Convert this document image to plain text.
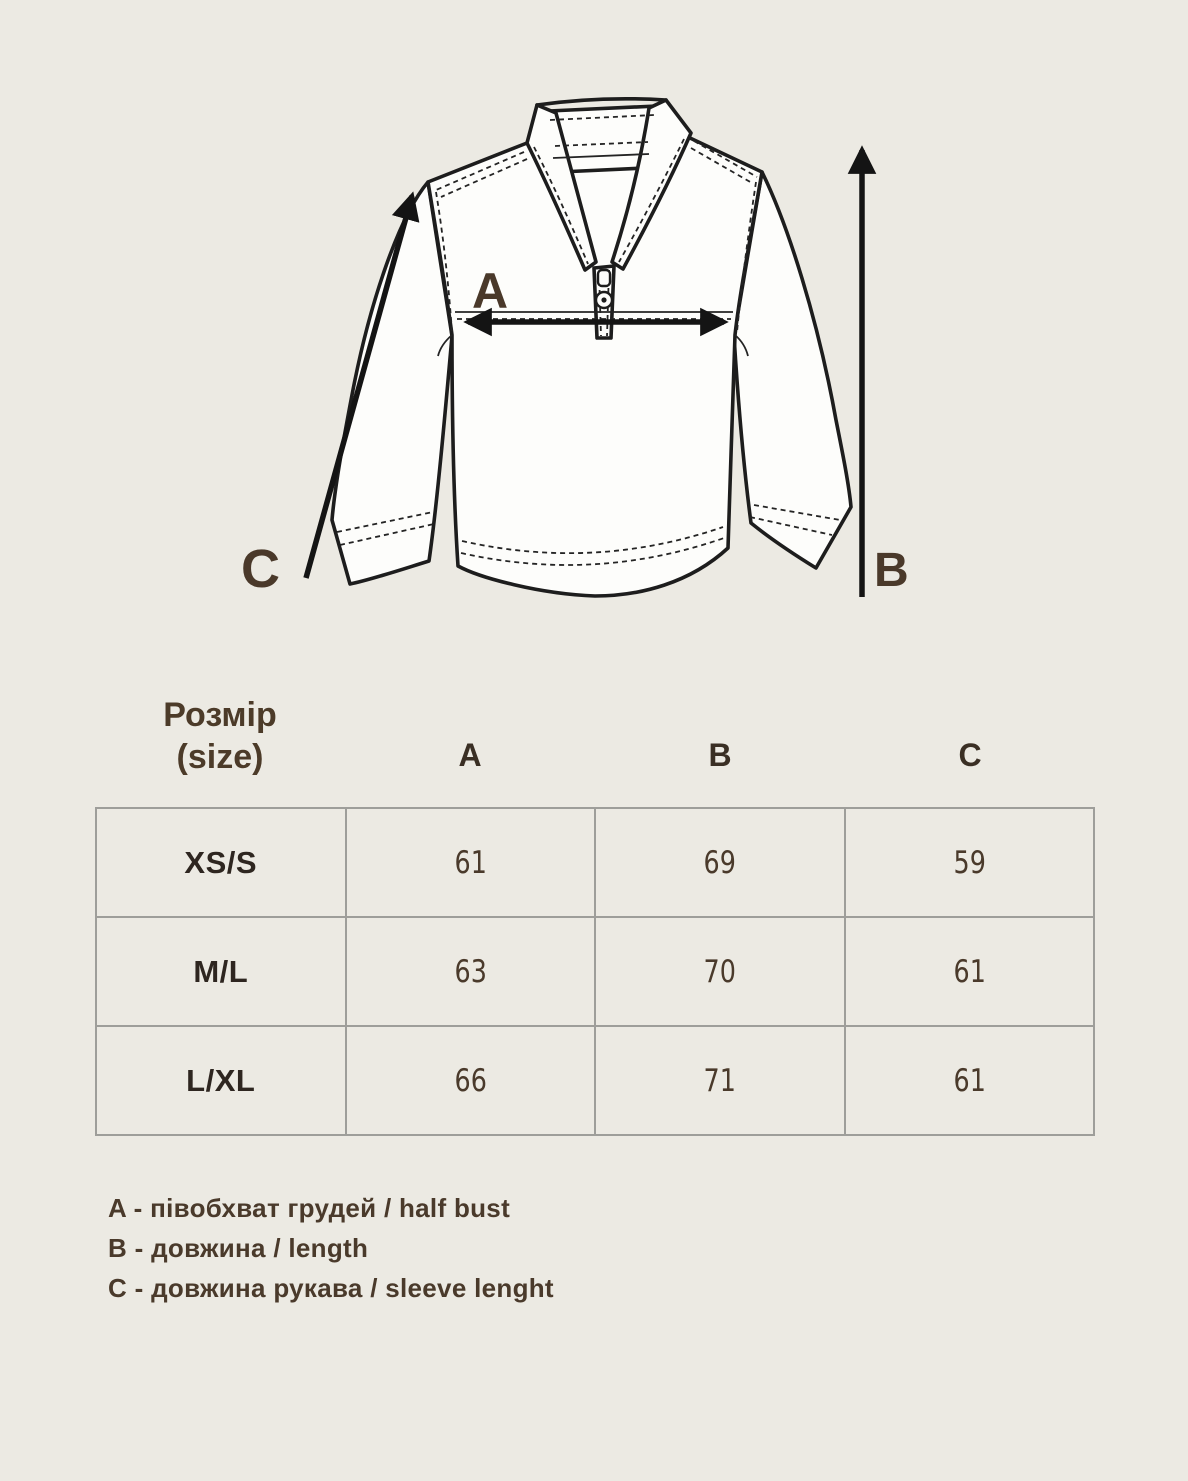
A
C	B
Розмір
(size)	A	B	C
XS/S	61	69	59
M/L	63	70	61
L/XL	66	71	61
A - півобхват грудей / half bust
B - довжина / length
C - довжина рукава / sleeve lenght
